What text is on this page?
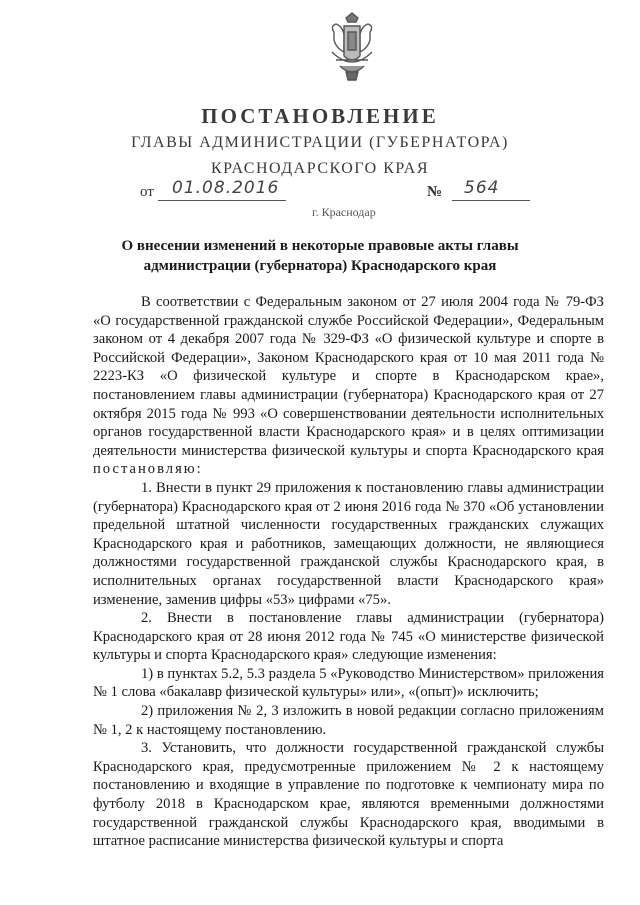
ПОСТАНОВЛЕНИЕ
ГЛАВЫ АДМИНИСТРАЦИИ (ГУБЕРНАТОРА)
КРАСНОДАРСКОГО КРАЯ
от 01.08.2016	№ 564
г. Краснодар
О внесении изменений в некоторые правовые акты главы
администрации (губернатора) Краснодарского края

В соответствии с Федеральным законом от 27 июля 2004 года № 79-ФЗ «О государственной гражданской службе Российской Федерации», Федеральным законом от 4 декабря 2007 года № 329-ФЗ «О физической культуре и спорте в Российской Федерации», Законом Краснодарского края от 10 мая 2011 года № 2223-КЗ «О физической культуре и спорте в Краснодарском крае», постановлением главы администрации (губернатора) Краснодарского края от 27 октября 2015 года № 993 «О совершенствовании деятельности исполнительных органов государственной власти Краснодарского края» и в целях оптимизации деятельности министерства физической культуры и спорта Краснодарского края постановляю:

1. Внести в пункт 29 приложения к постановлению главы администрации (губернатора) Краснодарского края от 2 июня 2016 года № 370 «Об установлении предельной штатной численности государственных гражданских служащих Краснодарского края и работников, замещающих должности, не являющиеся должностями государственной гражданской службы Краснодарского края, в исполнительных органах государственной власти Краснодарского края» изменение, заменив цифры «53» цифрами «75».

2. Внести в постановление главы администрации (губернатора) Краснодарского края от 28 июня 2012 года № 745 «О министерстве физической культуры и спорта Краснодарского края» следующие изменения:

1) в пунктах 5.2, 5.3 раздела 5 «Руководство Министерством» приложения № 1 слова «бакалавр физической культуры» или», «(опыт)» исключить;

2) приложения № 2, 3 изложить в новой редакции согласно приложениям № 1, 2 к настоящему постановлению.

3. Установить, что должности государственной гражданской службы Краснодарского края, предусмотренные приложением № 2 к настоящему постановлению и входящие в управление по подготовке к чемпионату мира по футболу 2018 в Краснодарском крае, являются временными должностями государственной гражданской службы Краснодарского края, вводимыми в штатное расписание министерства физической культуры и спорта
